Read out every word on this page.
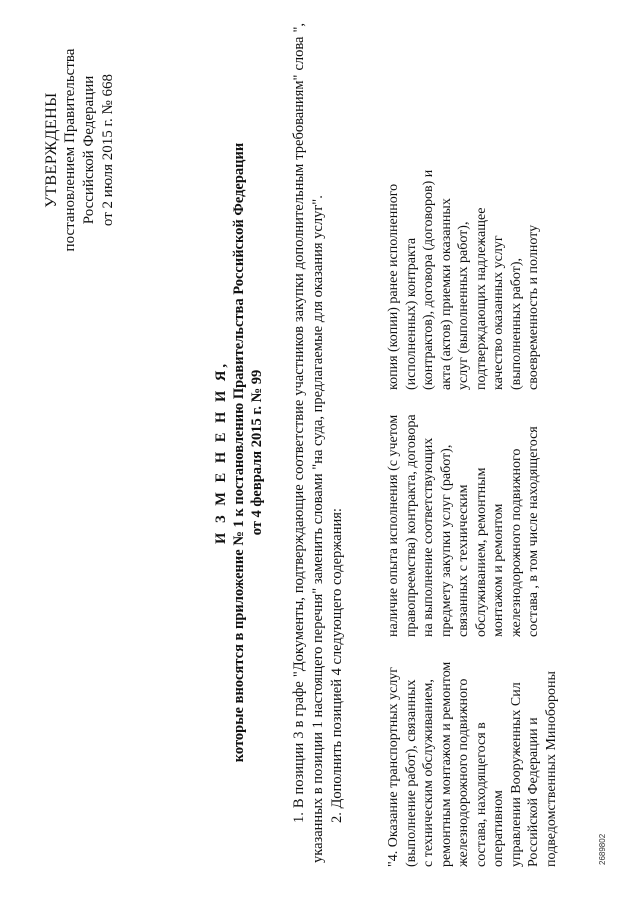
УТВЕРЖДЕНЫ постановлением Правительства Российской Федерации от 2 июля 2015 г. № 668
И З М Е Н Е Н И Я, которые вносятся в приложение № 1 к постановлению Правительства Российской Федерации от 4 февраля 2015 г. № 99 1. В позиции 3 в графе "Документы, подтверждающие соответствие участников закупки дополнительным требованиям" слова ", указанных в позиции 1 настоящего перечня" заменить словами "на суда, предлагаемые для оказания услуг". 2. Дополнить позицией 4 следующего содержания:	"4. Оказание транспортных услуг (выполнение работ), связанных с техническим обслуживанием, ремонтным монтажом и ремонтом железнодорожного подвижного состава, находящегося в оперативном управлении Вооруженных Сил Российской Федерации и подведомственных Минобороны
наличие опыта исполнения (с учетом правопреемства) контракта, договора на выполнение соответствующих предмету закупки услуг (работ), связанных с техническим обслуживанием, ремонтным монтажом и ремонтом железнодорожного подвижного состава , в том числе находящегося
копия (копии) ранее исполненного (исполненных) контракта (контрактов), договора (договоров) и акта (актов) приемки оказанных услуг (выполненных работ), подтверждающих надлежащее качество оказанных услуг (выполненных работ), своевременность и полноту
2689802
